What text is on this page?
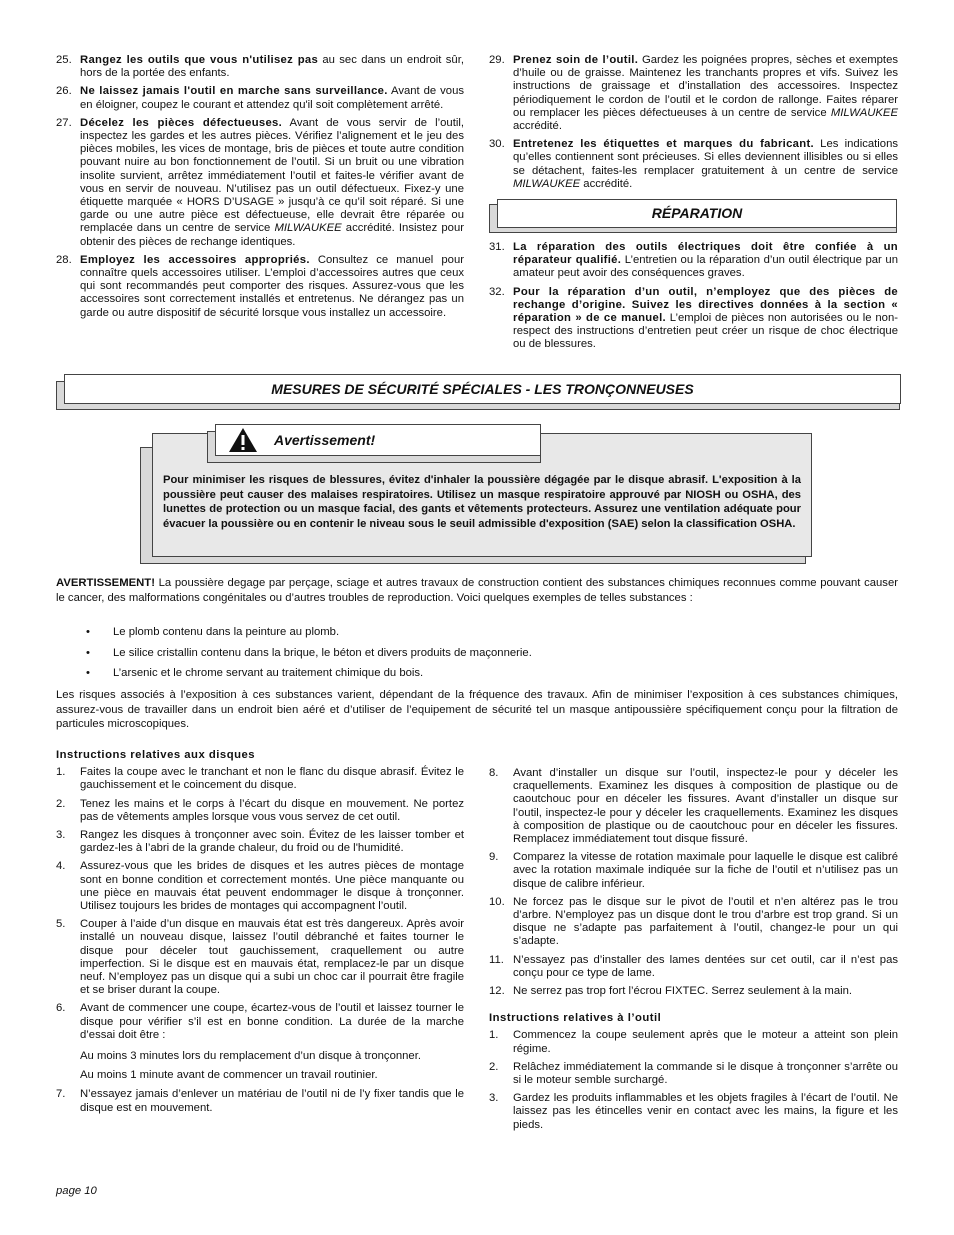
25. Rangez les outils que vous n'utilisez pas au sec dans un endroit sûr, hors de la portée des enfants.
26. Ne laissez jamais l'outil en marche sans surveillance. Avant de vous en éloigner, coupez le courant et attendez qu'il soit complètement arrêté.
27. Décelez les pièces défectueuses. Avant de vous servir de l’outil, inspectez les gardes et les autres pièces. Vérifiez l’alignement et le jeu des pièces mobiles, les vices de montage, bris de pièces et toute autre condition pouvant nuire au bon fonctionnement de l’outil. Si un bruit ou une vibration insolite survient, arrêtez immédiatement l’outil et faites-le vérifier avant de vous en servir de nouveau. N’utilisez pas un outil défectueux. Fixez-y une étiquette marquée « HORS D’USAGE » jusqu’à ce qu’il soit réparé. Si une garde ou une autre pièce est défectueuse, elle devrait être réparée ou remplacée dans un centre de service MILWAUKEE accrédité. Insistez pour obtenir des pièces de rechange identiques.
28. Employez les accessoires appropriés. Consultez ce manuel pour connaître quels accessoires utiliser. L’emploi d’accessoires autres que ceux qui sont recommandés peut comporter des risques. Assurez-vous que les accessoires sont correctement installés et entretenus. Ne dérangez pas un garde ou autre dispositif de sécurité lorsque vous installez un accessoire.
29. Prenez soin de l’outil. Gardez les poignées propres, sèches et exemptes d’huile ou de graisse. Maintenez les tranchants propres et vifs. Suivez les instructions de graissage et d’installation des accessoires. Inspectez périodiquement le cordon de l’outil et le cordon de rallonge. Faites réparer ou remplacer les pièces défectueuses à un centre de service MILWAUKEE accrédité.
30. Entretenez les étiquettes et marques du fabricant. Les indications qu’elles contiennent sont précieuses. Si elles deviennent illisibles ou si elles se détachent, faites-les remplacer gratuitement à un centre de service MILWAUKEE accrédité.
RÉPARATION
31. La réparation des outils électriques doit être confiée à un réparateur qualifié. L’entretien ou la réparation d’un outil électrique par un amateur peut avoir des conséquences graves.
32. Pour la réparation d’un outil, n’employez que des pièces de rechange d’origine. Suivez les directives données à la section « réparation » de ce manuel. L’emploi de pièces non autorisées ou le non-respect des instructions d’entretien peut créer un risque de choc électrique ou de blessures.
MESURES DE SÉCURITÉ SPÉCIALES - LES TRONÇONNEUSES
Pour minimiser les risques de blessures, évitez d'inhaler la poussière dégagée par le disque abrasif. L'exposition à la poussière peut causer des malaises respiratoires. Utilisez un masque respiratoire approuvé par NIOSH ou OSHA, des lunettes de protection ou un masque facial, des gants et vêtements protecteurs. Assurez une ventilation adéquate pour évacuer la poussière ou en contenir le niveau sous le seuil admissible d'exposition (SAE) selon la classification OSHA.
Avertissement!
AVERTISSEMENT! La poussière degage par perçage, sciage et autres travaux de construction contient des substances chimiques reconnues comme pouvant causer le cancer, des malformations congénitales ou d’autres troubles de reproduction. Voici quelques exemples de telles substances :
• Le plomb contenu dans la peinture au plomb.
• Le silice cristallin contenu dans la brique, le béton et divers produits de maçonnerie.
• L’arsenic et le chrome servant au traitement chimique du bois.
Les risques associés à l’exposition à ces substances varient, dépendant de la fréquence des travaux. Afin de minimiser l’exposition à ces substances chimiques, assurez-vous de travailler dans un endroit bien aéré et d’utiliser de l’equipement de sécurité tel un masque antipoussière spécifiquement conçu pour la filtration de particules microscopiques.
Instructions relatives aux disques
1. Faites la coupe avec le tranchant et non le flanc du disque abrasif. Évitez le gauchissement et le coincement du disque.
2. Tenez les mains et le corps à l’écart du disque en mouvement. Ne portez pas de vêtements amples lorsque vous vous servez de cet outil.
3. Rangez les disques à tronçonner avec soin. Évitez de les laisser tomber et gardez-les à l’abri de la grande chaleur, du froid ou de l'humidité.
4. Assurez-vous que les brides de disques et les autres pièces de montage sont en bonne condition et correctement montés. Une pièce manquante ou une pièce en mauvais état peuvent endommager le disque à tronçonner. Utilisez toujours les brides de montages qui accompagnent l’outil.
5. Couper à l’aide d’un disque en mauvais état est très dangereux. Après avoir installé un nouveau disque, laissez l’outil débranché et faites tourner le disque pour déceler tout gauchissement, craquellement ou autre imperfection. Si le disque est en mauvais état, remplacez-le par un disque neuf. N’employez pas un disque qui a subi un choc car il pourrait être fragile et se briser durant la coupe.
6. Avant de commencer une coupe, écartez-vous de l’outil et laissez tourner le disque pour vérifier s’il est en bonne condition. La durée de la marche d’essai doit être :
Au moins 3 minutes lors du remplacement d’un disque à tronçonner.
Au moins 1 minute avant de commencer un travail routinier.
7. N’essayez jamais d’enlever un matériau de l’outil ni de l’y fixer tandis que le disque est en mouvement.
8. Avant d’installer un disque sur l’outil, inspectez-le pour y déceler les craquellements. Examinez les disques à composition de plastique ou de caoutchouc pour en déceler les fissures. Avant d’installer un disque sur l’outil, inspectez-le pour y déceler les craquellements. Examinez les disques à composition de plastique ou de caoutchouc pour en déceler les fissures. Remplacez immédiatement tout disque fissuré.
9. Comparez la vitesse de rotation maximale pour laquelle le disque est calibré avec la rotation maximale indiquée sur la fiche de l’outil et n’utilisez pas un disque de calibre inférieur.
10. Ne forcez pas le disque sur le pivot de l’outil et n’en altérez pas le trou d’arbre. N’employez pas un disque dont le trou d’arbre est trop grand. Si un disque ne s’adapte pas parfaitement à l’outil, changez-le pour un qui s’adapte.
11. N’essayez pas d’installer des lames dentées sur cet outil, car il n’est pas conçu pour ce type de lame.
12. Ne serrez pas trop fort l’écrou FIXTEC. Serrez seulement à la main.
Instructions relatives à l’outil
1. Commencez la coupe seulement après que le moteur a atteint son plein régime.
2. Relâchez immédiatement la commande si le disque à tronçonner s’arrête ou si le moteur semble surchargé.
3. Gardez les produits inflammables et les objets fragiles à l’écart de l’outil. Ne laissez pas les étincelles venir en contact avec les mains, la figure et les pieds.
page 10
